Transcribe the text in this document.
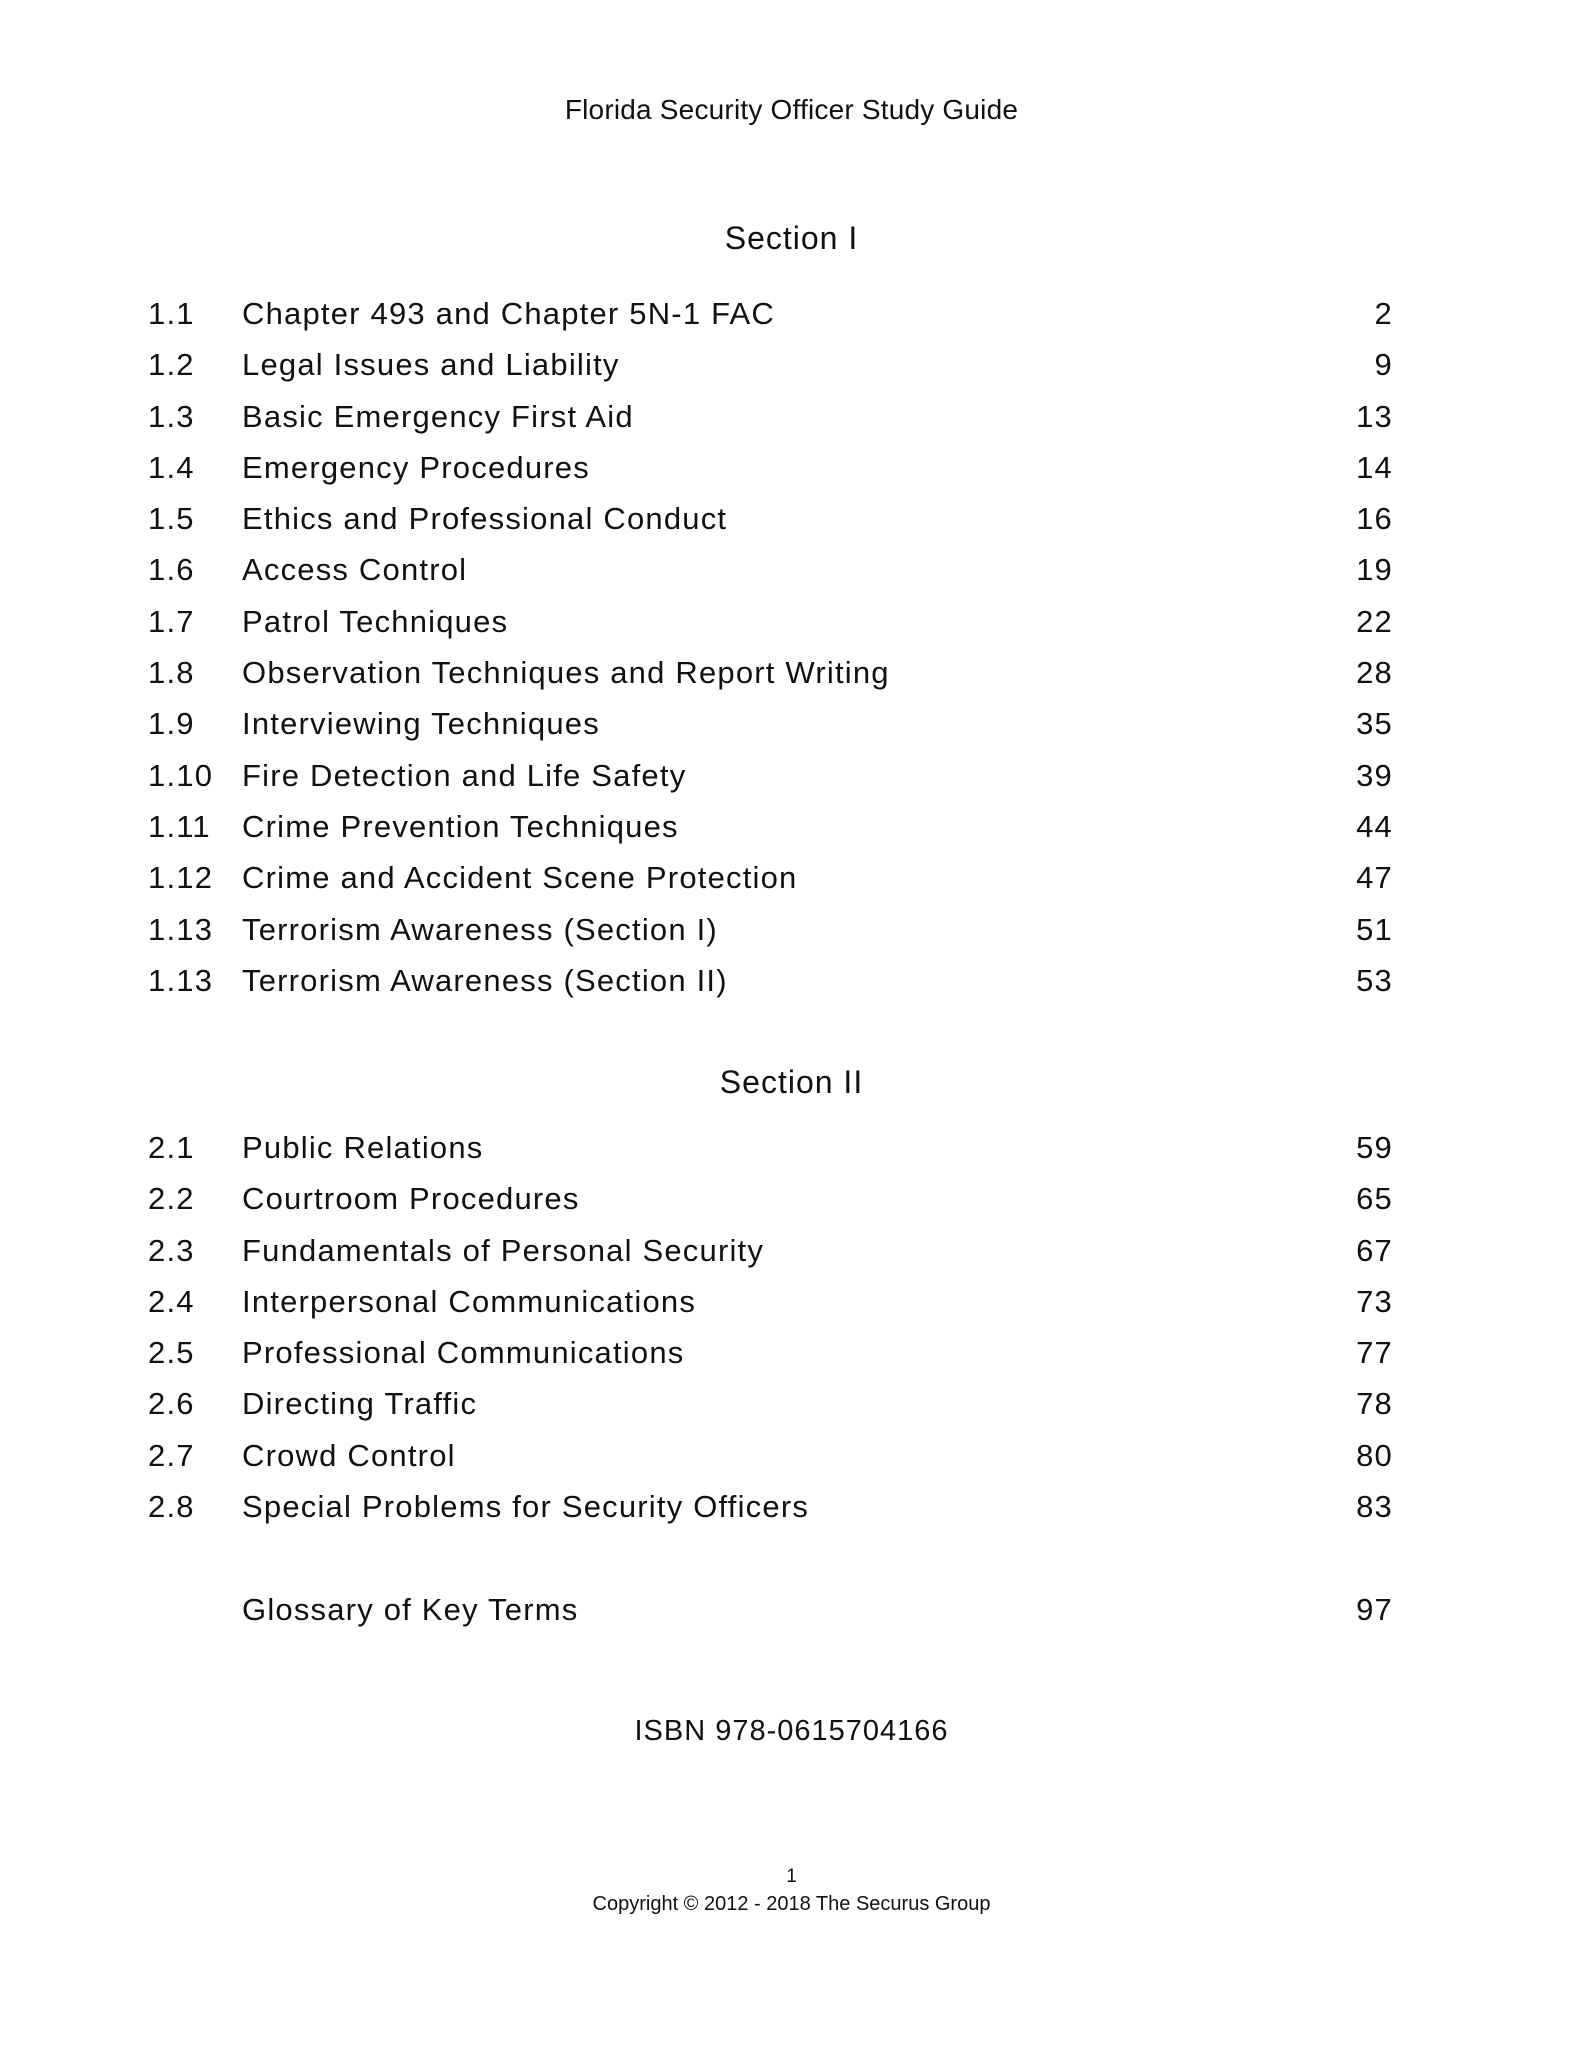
Florida Security Officer Study Guide
Section I
1.1 Chapter 493 and Chapter 5N-1 FAC	2
1.2 Legal Issues and Liability	9
1.3 Basic Emergency First Aid	13
1.4 Emergency Procedures	14
1.5 Ethics and Professional Conduct	16
1.6 Access Control	19
1.7 Patrol Techniques	22
1.8 Observation Techniques and Report Writing	28
1.9 Interviewing Techniques	35
1.10 Fire Detection and Life Safety	39
1.11 Crime Prevention Techniques	44
1.12 Crime and Accident Scene Protection	47
1.13 Terrorism Awareness (Section I)	51
1.13 Terrorism Awareness (Section II)	53
Section II
2.1 Public Relations	59
2.2 Courtroom Procedures	65
2.3 Fundamentals of Personal Security	67
2.4 Interpersonal Communications	73
2.5 Professional Communications	77
2.6 Directing Traffic	78
2.7 Crowd Control	80
2.8 Special Problems for Security Officers	83
Glossary of Key Terms	97
ISBN 978-0615704166
1
Copyright © 2012 - 2018 The Securus Group
